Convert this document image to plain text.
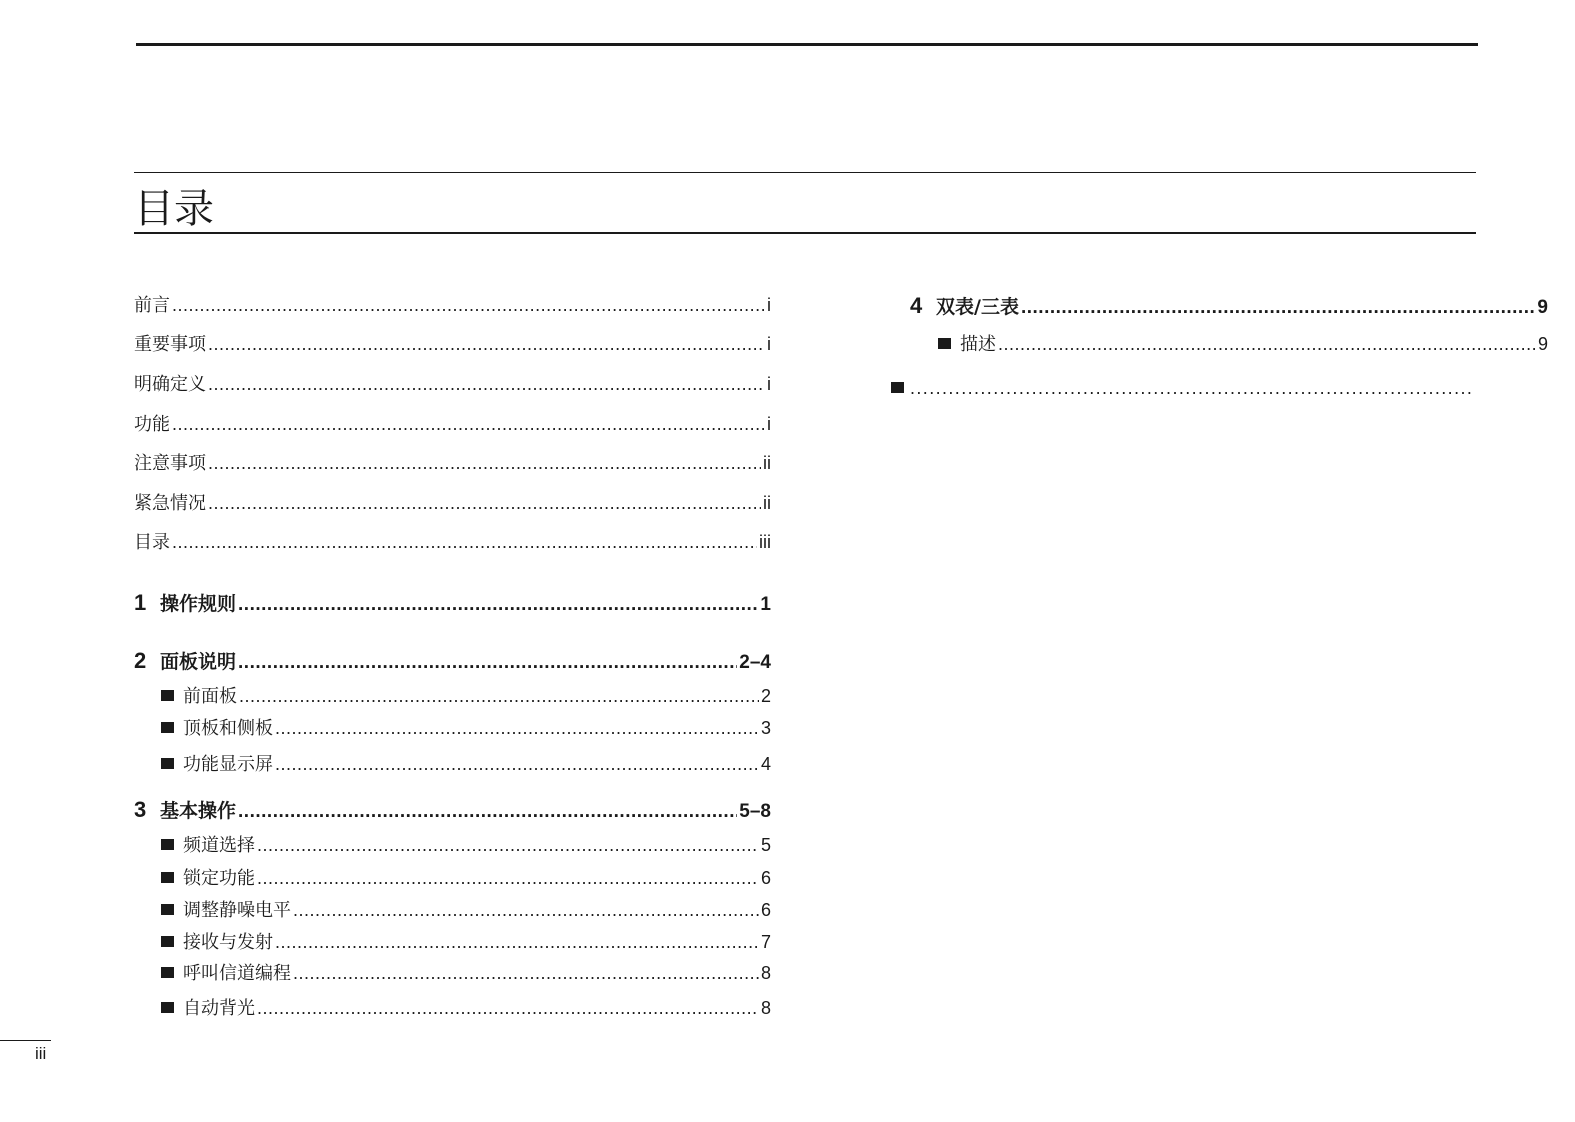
目录
前言 .....	i
重要事项 .....	i
明确定义 .....	i
功能 .....	i
注意事项 .....	ii
紧急情况 .....	ii
目录 .....	iii
1 操作规则 .....	1
2 面板说明 .....	2–4
前面板 .....	2
顶板和侧板 .....	3
功能显示屏 .....	4
3 基本操作 .....	5–8
频道选择 .....	5
锁定功能 .....	6
调整静噪电平 .....	6
接收与发射 .....	7
呼叫信道编程 .....	8
自动背光 .....	8
4 双表/三表 .....	9
描述 .....	9
.....
iii
